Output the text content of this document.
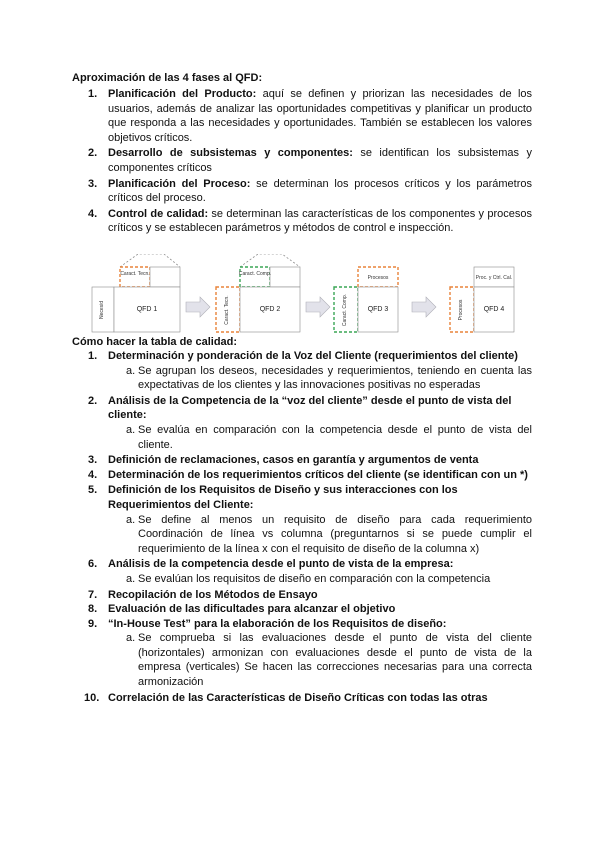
Aproximación de las 4 fases al QFD:
1. Planificación del Producto: aquí se definen y priorizan las necesidades de los usuarios, además de analizar las oportunidades competitivas y planificar un producto que responda a las necesidades y oportunidades. También se establecen los valores objetivos críticos.
2. Desarrollo de subsistemas y componentes: se identifican los subsistemas y componentes críticos
3. Planificación del Proceso: se determinan los procesos críticos y los parámetros críticos del proceso.
4. Control de calidad: se determinan las características de los componentes y procesos críticos y se establecen parámetros y métodos de control e inspección.
Caract. Tecn.
QFD 1
Necesid
Caract. Comp.
QFD 2
Caract. Tecn.
Procesos
QFD 3
Caract. Comp.
Proc. y Ctrl. Cal.
QFD 4
Procesos
Cómo hacer la tabla de calidad:
1. Determinación y ponderación de la Voz del Cliente (requerimientos del cliente)
a. Se agrupan los deseos, necesidades y requerimientos, teniendo en cuenta las expectativas de los clientes y las innovaciones positivas no esperadas
2. Análisis de la Competencia de la “voz del cliente” desde el punto de vista del cliente:
a. Se evalúa en comparación con la competencia desde el punto de vista del cliente.
3. Definición de reclamaciones, casos en garantía y argumentos de venta
4. Determinación de los requerimientos críticos del cliente (se identifican con un *)
5. Definición de los Requisitos de Diseño y sus interacciones con los Requerimientos del Cliente:
a. Se define al menos un requisito de diseño para cada requerimiento Coordinación de línea vs columna (preguntarnos si se puede cumplir el requerimiento de la línea x con el requisito de diseño de la columna x)
6. Análisis de la competencia desde el punto de vista de la empresa:
a. Se evalúan los requisitos de diseño en comparación con la competencia
7. Recopilación de los Métodos de Ensayo
8. Evaluación de las dificultades para alcanzar el objetivo
9. “In-House Test” para la elaboración de los Requisitos de diseño:
a. Se comprueba si las evaluaciones desde el punto de vista del cliente (horizontales) armonizan con evaluaciones desde el punto de vista de la empresa (verticales) Se hacen las correcciones necesarias para una correcta armonización
10. Correlación de las Características de Diseño Críticas con todas las otras
